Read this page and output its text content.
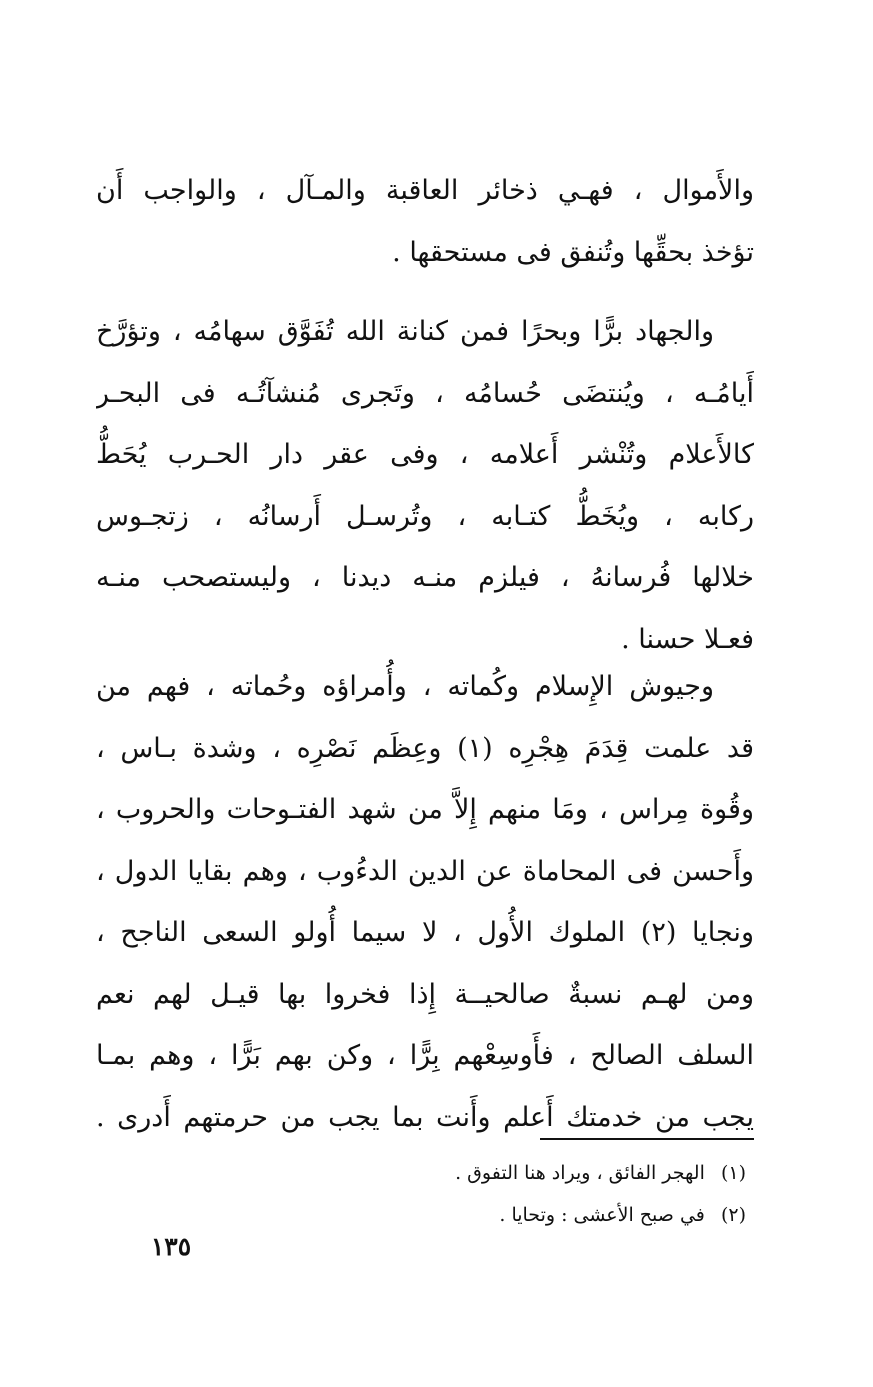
والأَموال ، فهـي ذخائر العاقبة والمـآل ، والواجب أَن
تؤخذ بحقِّها وتُنفق فى مستحقها .
والجهاد برًّا وبحرًا فمن كنانة الله تُفَوَّق سهامُه ، وتؤرَّخ
أَيامُـه ، ويُنتضَى حُسامُه ، وتَجرى مُنشآتُـه فى البحـر
كالأَعلام وتُنْشر أَعلامه ، وفى عقر دار الحـرب يُحَطُّ
ركابه ، ويُخَطُّ كتـابه ، وتُرسـل أَرسانُه ، زتجـوس
خلالها فُرسانهُ ، فيلزم منـه ديدنا ، وليستصحب منـه
فعـلا حسنا .
وجيوش الإِسلام وكُماته ، وأُمراؤه وحُماته ، فهم من
قد علمت قِدَمَ هِجْرِه (١) وعِظَم نَصْرِه ، وشدة بـاس ،
وقُوة مِراس ، ومَا منهم إِلاَّ من شهد الفتـوحات والحروب ،
وأَحسن فى المحاماة عن الدين الدءُوب ، وهم بقايا الدول ،
ونجايا (٢) الملوك الأُول ، لا سيما أُولو السعى الناجح ،
ومن لهـم نسبةٌ صالحيــة إِذا فخروا بها قيـل لهم نعم
السلف الصالح ، فأَوسِعْهم بِرًّا ، وكن بهم بَرًّا ، وهم بمـا
يجب من خدمتك أَعلم وأَنت بما يجب من حرمتهم أَدرى .
(١) الهجر الفائق ، ويراد هنا التفوق .
(٢) في صبح الأعشى : وتحايا .
١٣٥
